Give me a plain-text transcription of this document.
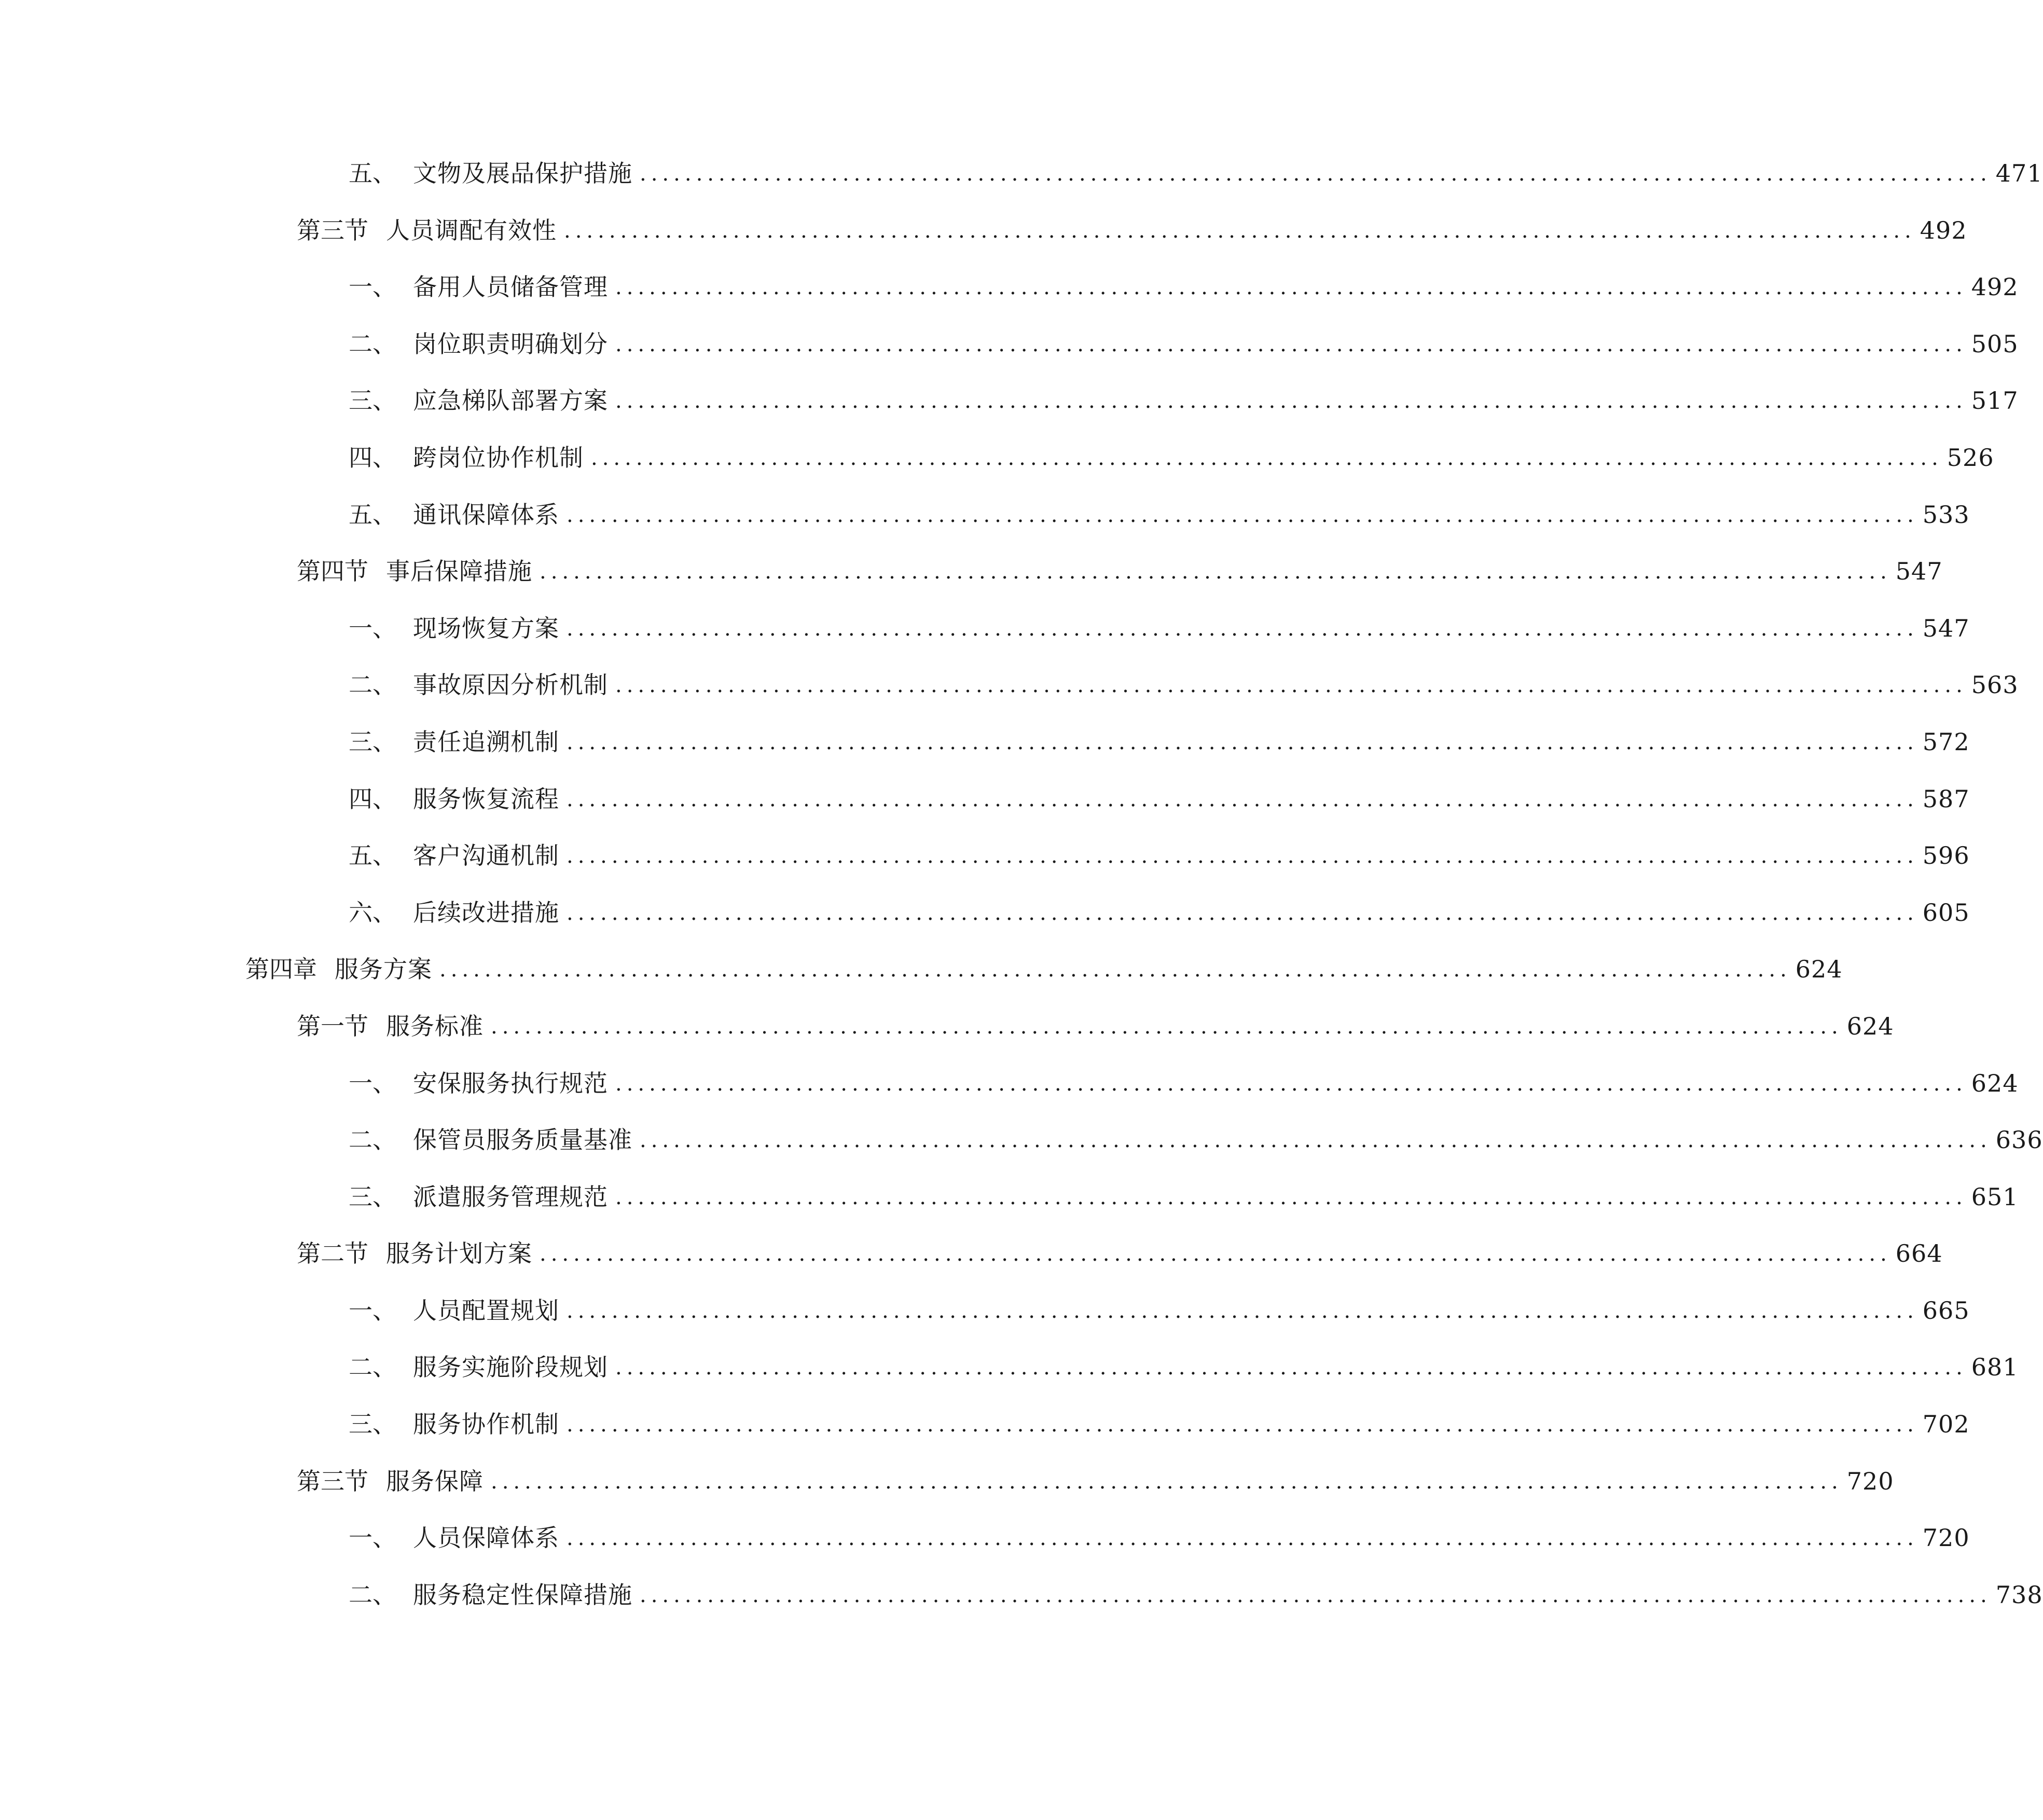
五、 文物及展品保护措施 ........................................................................................................................ 471
第三节 人员调配有效性 ........................................................................................................................ 492
一、 备用人员储备管理 ........................................................................................................................ 492
二、 岗位职责明确划分 ........................................................................................................................ 505
三、 应急梯队部署方案 ........................................................................................................................ 517
四、 跨岗位协作机制 ........................................................................................................................ 526
五、 通讯保障体系 ........................................................................................................................ 533
第四节 事后保障措施 ........................................................................................................................ 547
一、 现场恢复方案 ........................................................................................................................ 547
二、 事故原因分析机制 ........................................................................................................................ 563
三、 责任追溯机制 ........................................................................................................................ 572
四、 服务恢复流程 ........................................................................................................................ 587
五、 客户沟通机制 ........................................................................................................................ 596
六、 后续改进措施 ........................................................................................................................ 605
第四章 服务方案 ........................................................................................................................ 624
第一节 服务标准 ........................................................................................................................ 624
一、 安保服务执行规范 ........................................................................................................................ 624
二、 保管员服务质量基准 ........................................................................................................................ 636
三、 派遣服务管理规范 ........................................................................................................................ 651
第二节 服务计划方案 ........................................................................................................................ 664
一、 人员配置规划 ........................................................................................................................ 665
二、 服务实施阶段规划 ........................................................................................................................ 681
三、 服务协作机制 ........................................................................................................................ 702
第三节 服务保障 ........................................................................................................................ 720
一、 人员保障体系 ........................................................................................................................ 720
二、 服务稳定性保障措施 ........................................................................................................................ 738
